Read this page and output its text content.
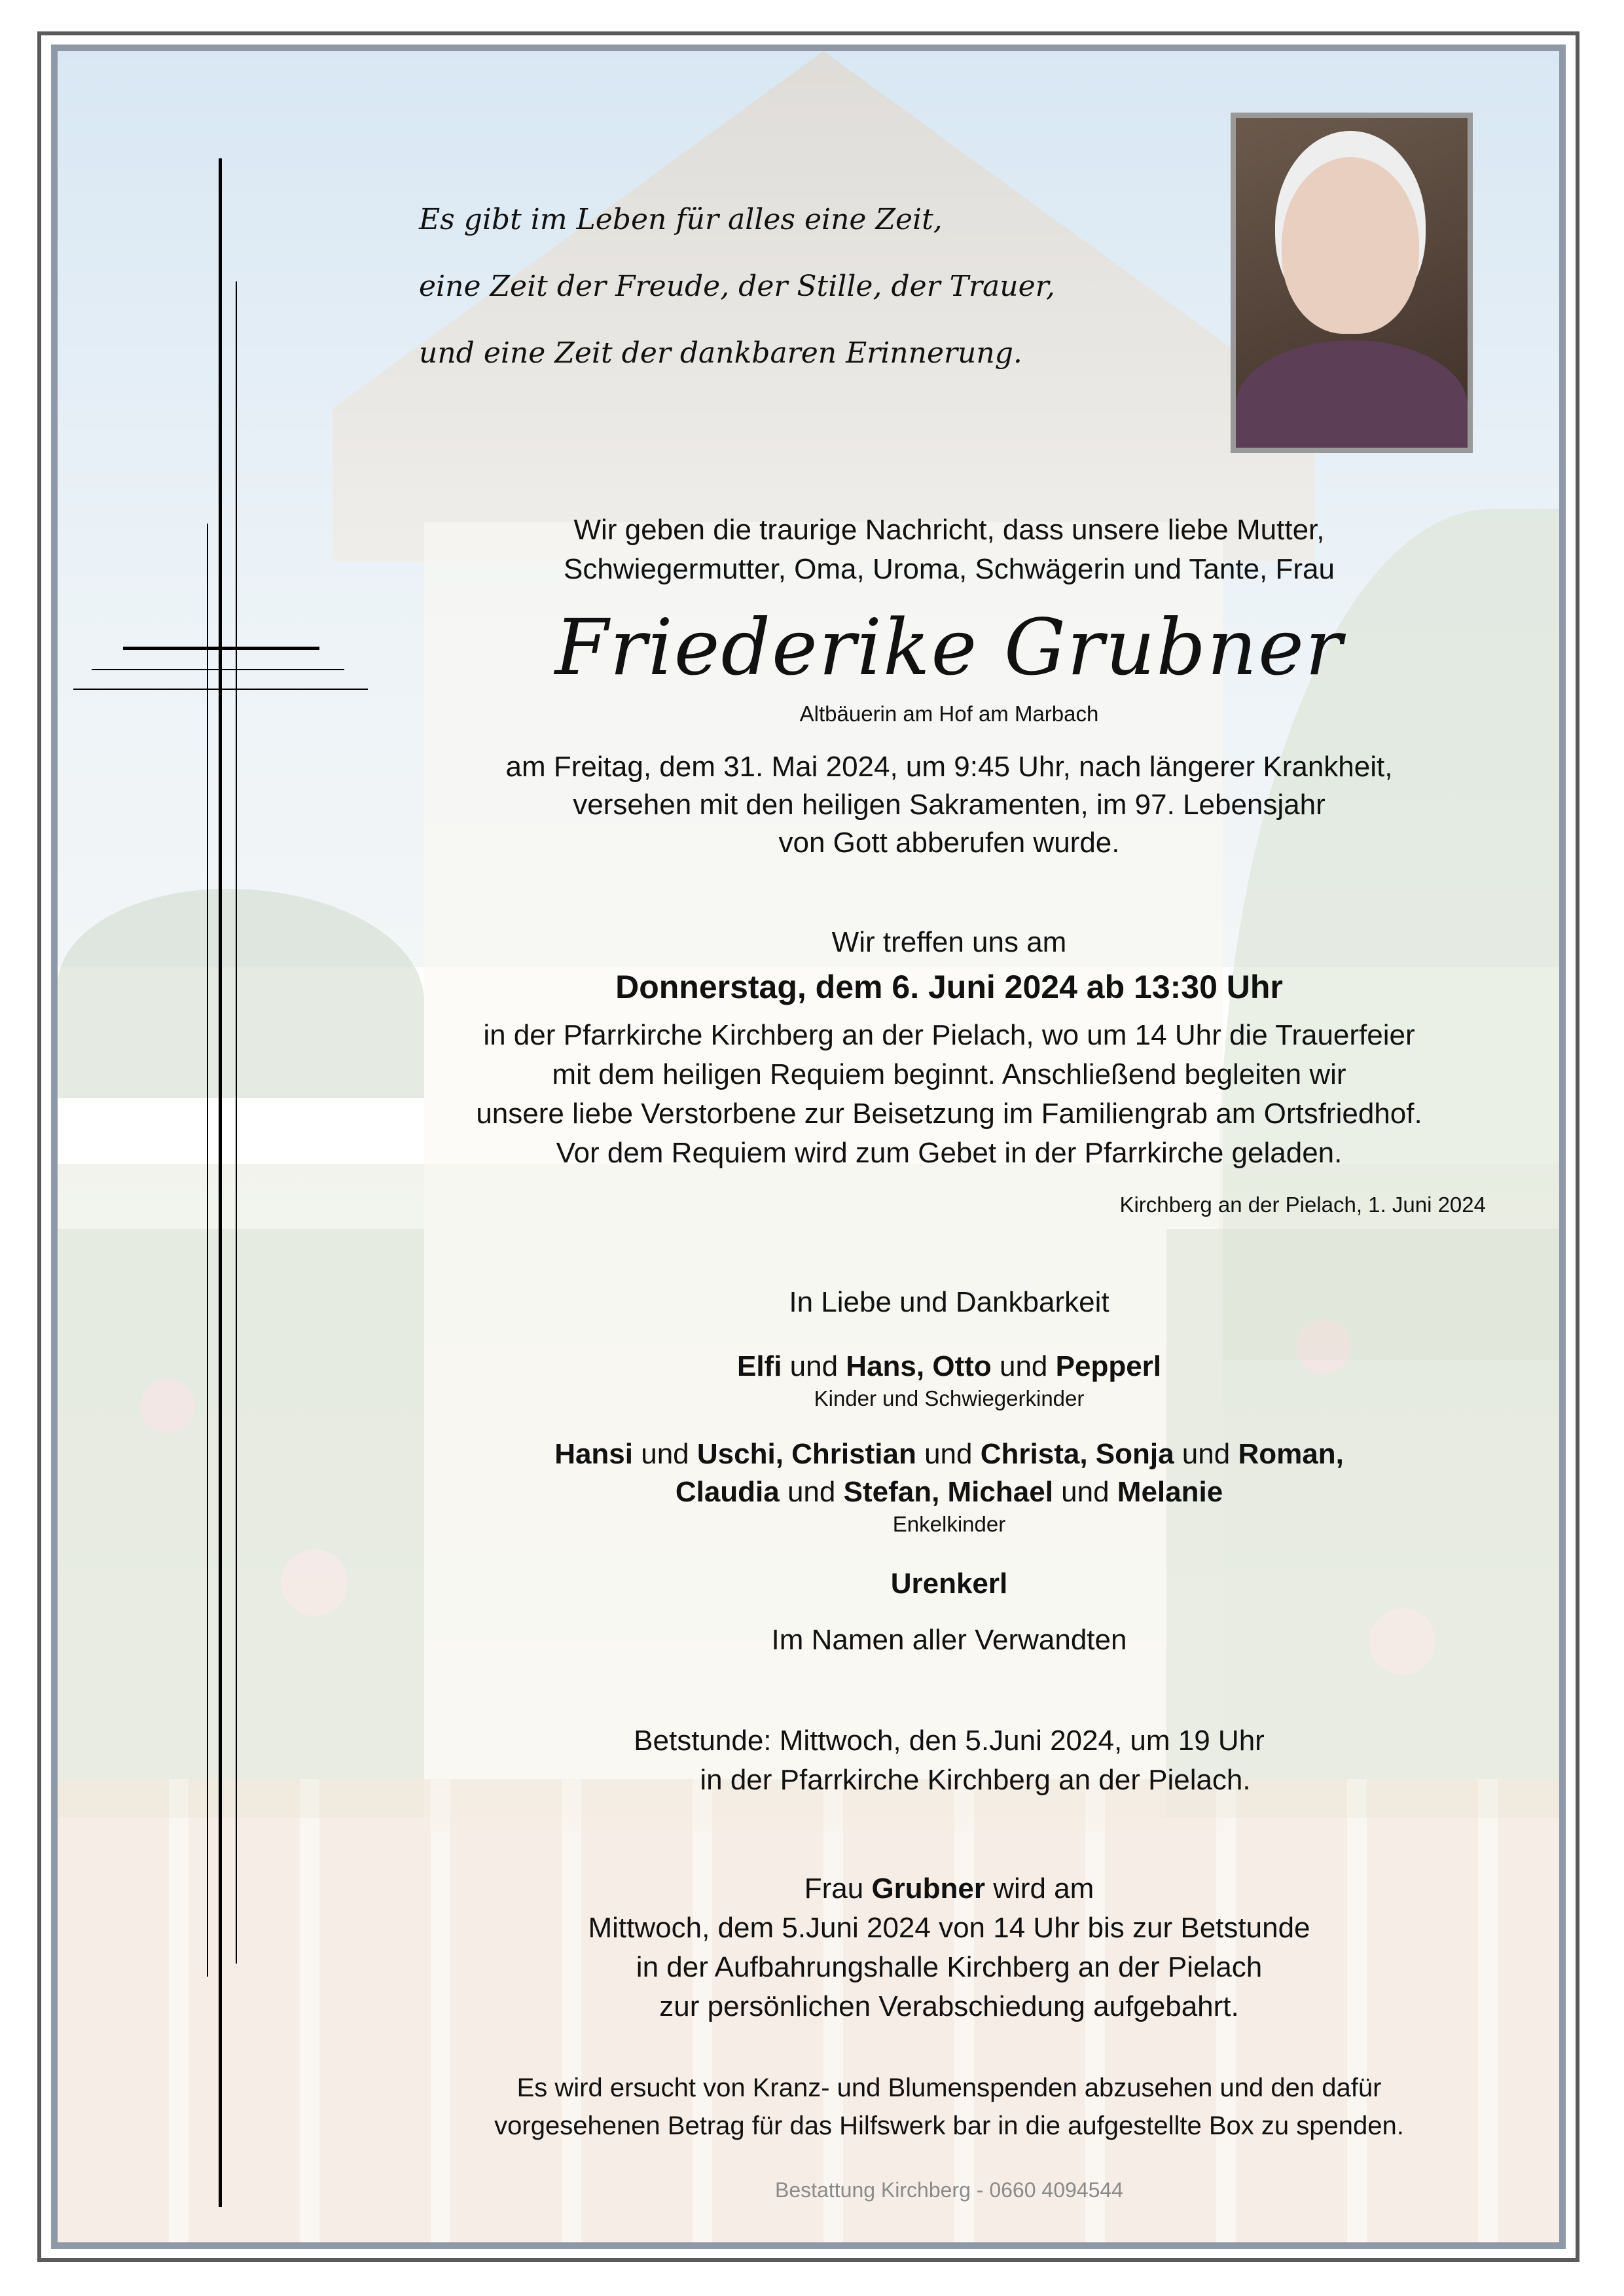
Es gibt im Leben für alles eine Zeit,

eine Zeit der Freude, der Stille, der Trauer,

und eine Zeit der dankbaren Erinnerung.

Wir geben die traurige Nachricht, dass unsere liebe Mutter,

Schwiegermutter, Oma, Uroma, Schwägerin und Tante, Frau

Friederike Grubner

Altbäuerin am Hof am Marbach

am Freitag, dem 31. Mai 2024, um 9:45 Uhr, nach längerer Krankheit,

versehen mit den heiligen Sakramenten, im 97. Lebensjahr

von Gott abberufen wurde.

Wir treffen uns am

Donnerstag, dem 6. Juni 2024 ab 13:30 Uhr

in der Pfarrkirche Kirchberg an der Pielach, wo um 14 Uhr die Trauerfeier

mit dem heiligen Requiem beginnt. Anschließend begleiten wir

unsere liebe Verstorbene zur Beisetzung im Familiengrab am Ortsfriedhof.

Vor dem Requiem wird zum Gebet in der Pfarrkirche geladen.

Kirchberg an der Pielach, 1. Juni 2024

In Liebe und Dankbarkeit

Elfi und Hans, Otto und Pepperl

Kinder und Schwiegerkinder

Hansi und Uschi, Christian und Christa, Sonja und Roman,

Claudia und Stefan, Michael und Melanie

Enkelkinder

Urenkerl

Im Namen aller Verwandten

Betstunde: Mittwoch, den 5.Juni 2024, um 19 Uhr

in der Pfarrkirche Kirchberg an der Pielach.

Frau Grubner wird am

Mittwoch, dem 5.Juni 2024 von 14 Uhr bis zur Betstunde

in der Aufbahrungshalle Kirchberg an der Pielach

zur persönlichen Verabschiedung aufgebahrt.

Es wird ersucht von Kranz- und Blumenspenden abzusehen und den dafür

vorgesehenen Betrag für das Hilfswerk bar in die aufgestellte Box zu spenden.

Bestattung Kirchberg - 0660 4094544
